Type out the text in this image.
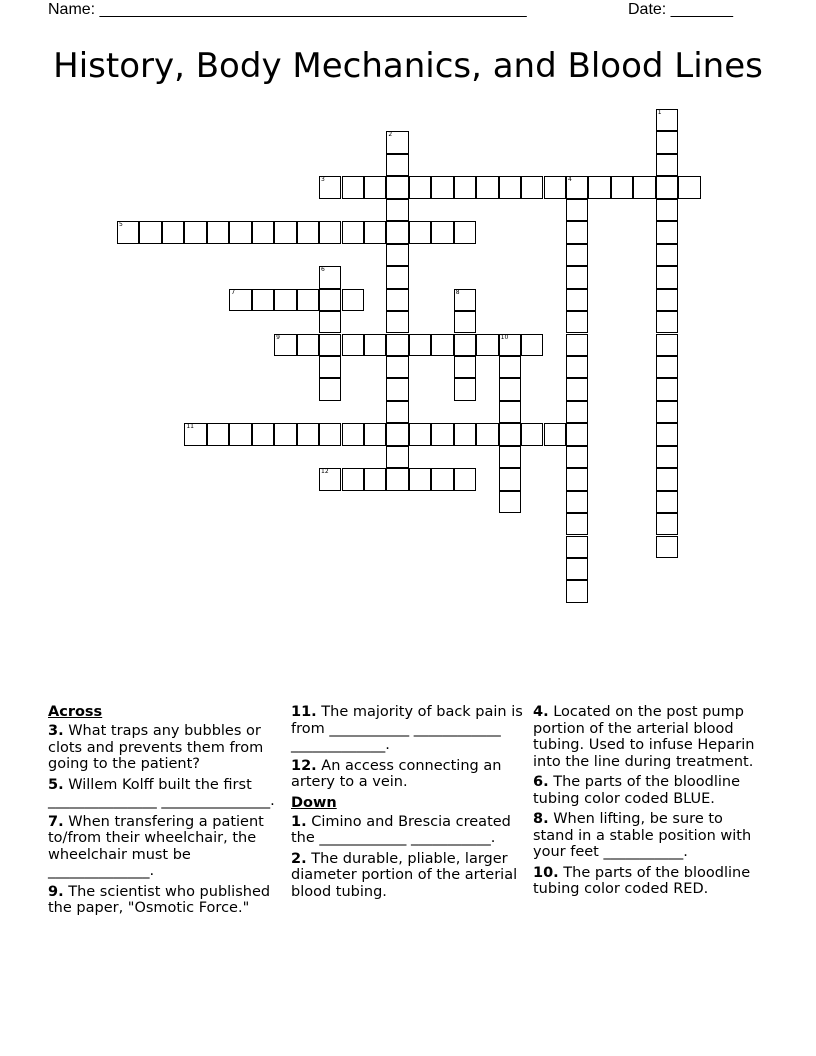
Name: ________________________________________________	Date: _______
History, Body Mechanics, and Blood Lines
1
2
3	4
5
6
7	8
9	10
11
12
Across
3. What traps any bubbles or clots and prevents them from going to the patient?
5. Willem Kolff built the first _______________ _______________.
7. When transfering a patient to/from their wheelchair, the wheelchair must be ______________.
9. The scientist who published the paper, "Osmotic Force."
11. The majority of back pain is from ___________ ____________ _____________.
12. An access connecting an artery to a vein.
Down
1. Cimino and Brescia created the ____________ ___________.
2. The durable, pliable, larger diameter portion of the arterial blood tubing.
4. Located on the post pump portion of the arterial blood tubing. Used to infuse Heparin into the line during treatment.
6. The parts of the bloodline tubing color coded BLUE.
8. When lifting, be sure to stand in a stable position with your feet ___________.
10. The parts of the bloodline tubing color coded RED.
